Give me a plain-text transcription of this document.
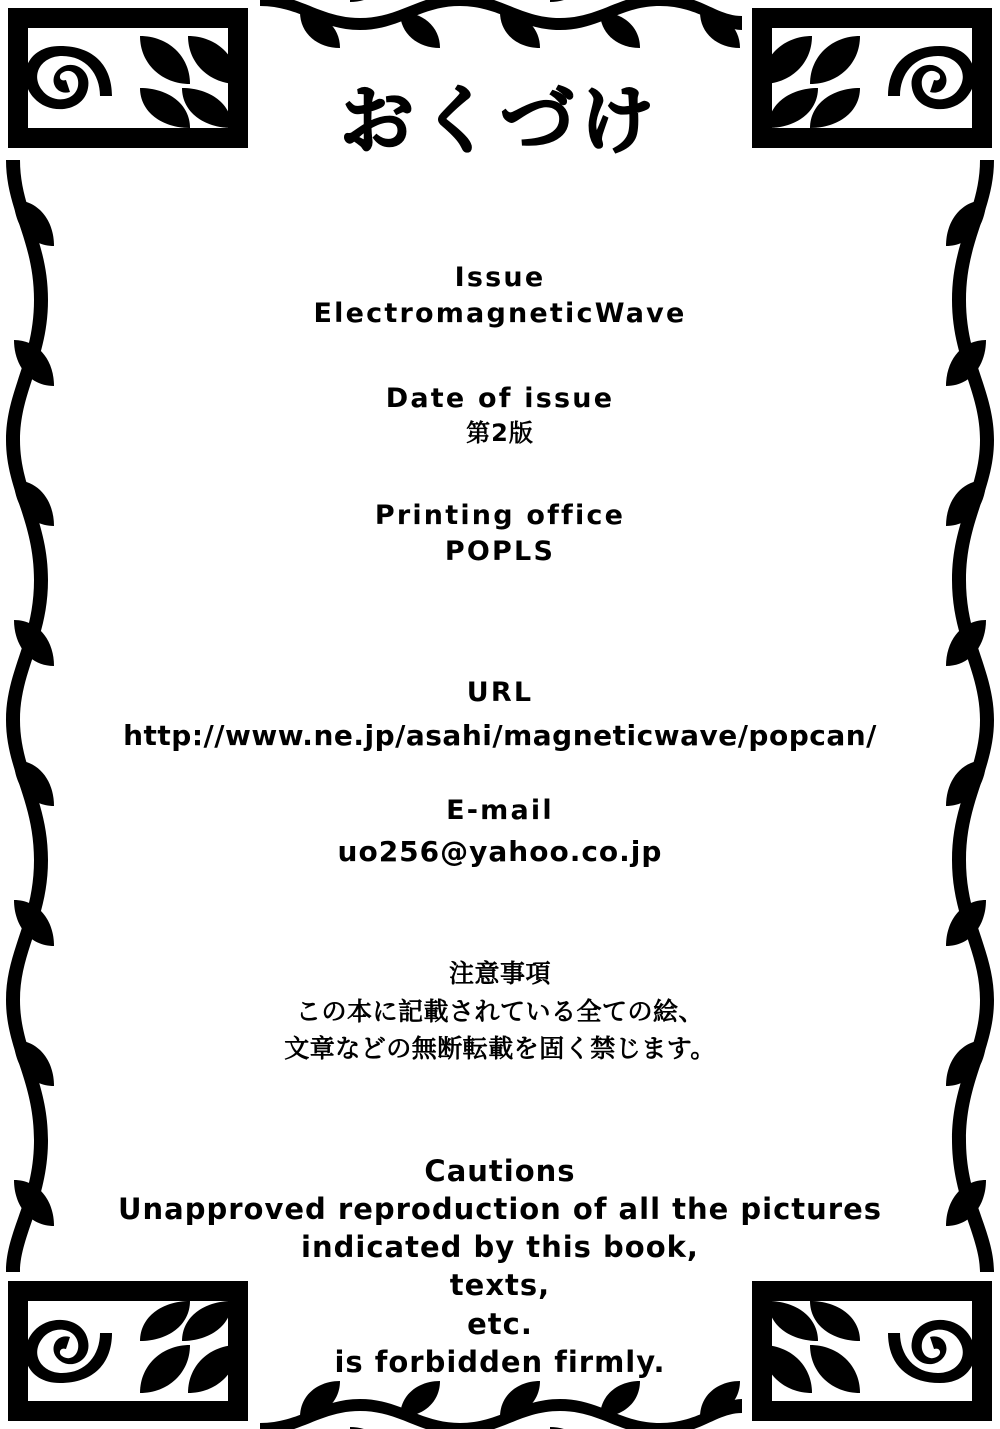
おくづけ
Issue
ElectromagneticWave
Date of issue
第2版
Printing office
POPLS
URL
http://www.ne.jp/asahi/magneticwave/popcan/
E-mail
uo256@yahoo.co.jp
注意事項
この本に記載されている全ての絵、
文章などの無断転載を固く禁じます。
Cautions
Unapproved reproduction of all the pictures
indicated by this book,
texts,
etc.
is forbidden firmly.
